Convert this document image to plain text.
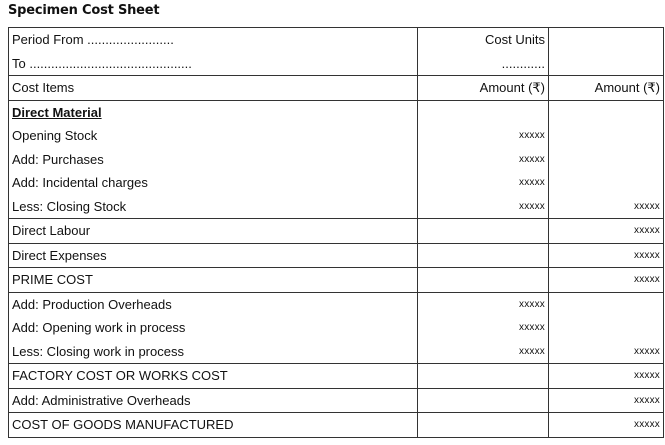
Specimen Cost Sheet
Period From ........................	Cost Units	
To .............................................	............	
Cost Items	Amount (₹)	Amount (₹)
Direct Material		
Opening Stock	xxxxx	
Add: Purchases	xxxxx	
Add: Incidental charges	xxxxx	
Less: Closing Stock	xxxxx	xxxxx
Direct Labour		xxxxx
Direct Expenses		xxxxx
PRIME COST		xxxxx
Add: Production Overheads	xxxxx	
Add: Opening work in process	xxxxx	
Less: Closing work in process	xxxxx	xxxxx
FACTORY COST OR WORKS COST		xxxxx
Add: Administrative Overheads		xxxxx
COST OF GOODS MANUFACTURED		xxxxx
